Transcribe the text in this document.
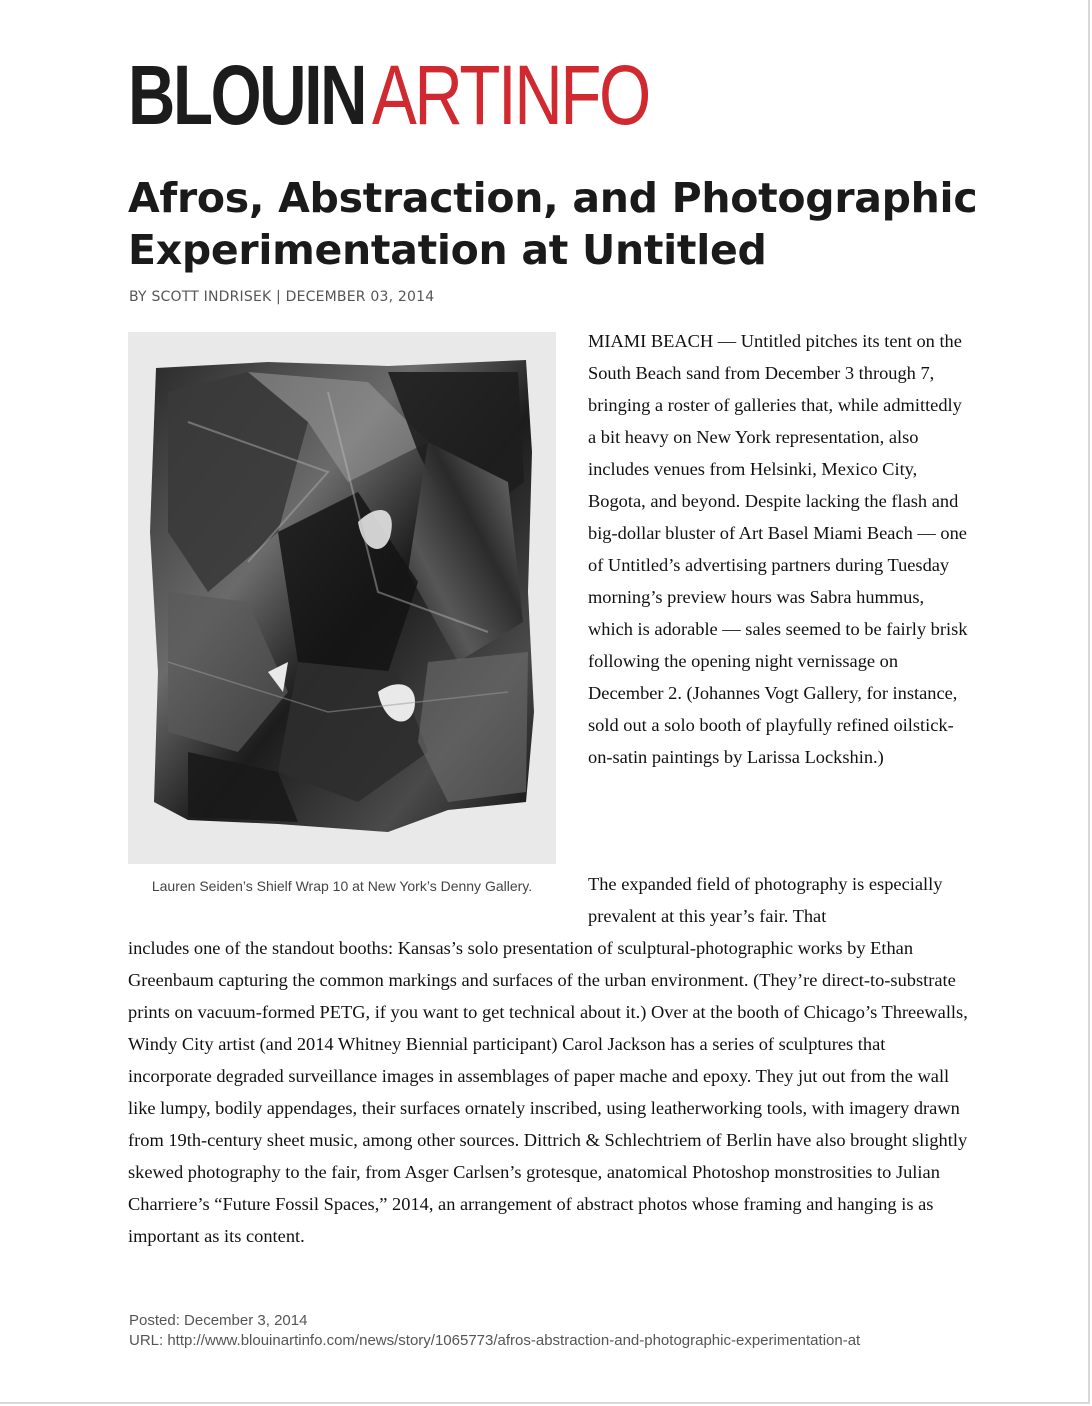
BLOUINARTINFO
Afros, Abstraction, and Photographic Experimentation at Untitled
BY SCOTT INDRISEK | DECEMBER 03, 2014
Lauren Seiden’s Shielf Wrap 10 at New York’s Denny Gallery.

MIAMI BEACH — Untitled pitches its tent on the South Beach sand from December 3 through 7, bringing a roster of galleries that, while admittedly a bit heavy on New York representation, also includes venues from Helsinki, Mexico City, Bogota, and beyond. Despite lacking the flash and big-dollar bluster of Art Basel Miami Beach — one of Untitled’s advertising partners during Tuesday morning’s preview hours was Sabra hummus, which is adorable — sales seemed to be fairly brisk following the opening night vernissage on December 2. (Johannes Vogt Gallery, for instance, sold out a solo booth of playfully refined oilstick-on-satin paintings by Larissa Lockshin.)

The expanded field of photography is especially prevalent at this year’s fair. That

includes one of the standout booths: Kansas’s solo presentation of sculptural-photographic works by Ethan Greenbaum capturing the common markings and surfaces of the urban environment. (They’re direct-to-substrate prints on vacuum-formed PETG, if you want to get technical about it.) Over at the booth of Chicago’s Threewalls, Windy City artist (and 2014 Whitney Biennial participant) Carol Jackson has a series of sculptures that incorporate degraded surveillance images in assemblages of paper mache and epoxy. They jut out from the wall like lumpy, bodily appendages, their surfaces ornately inscribed, using leatherworking tools, with imagery drawn from 19th-century sheet music, among other sources. Dittrich & Schlechtriem of Berlin have also brought slightly skewed photography to the fair, from Asger Carlsen’s grotesque, anatomical Photoshop monstrosities to Julian Charriere’s “Future Fossil Spaces,” 2014, an arrangement of abstract photos whose framing and hanging is as important as its content.

Posted: December 3, 2014
URL: http://www.blouinartinfo.com/news/story/1065773/afros-abstraction-and-photographic-experimentation-at
